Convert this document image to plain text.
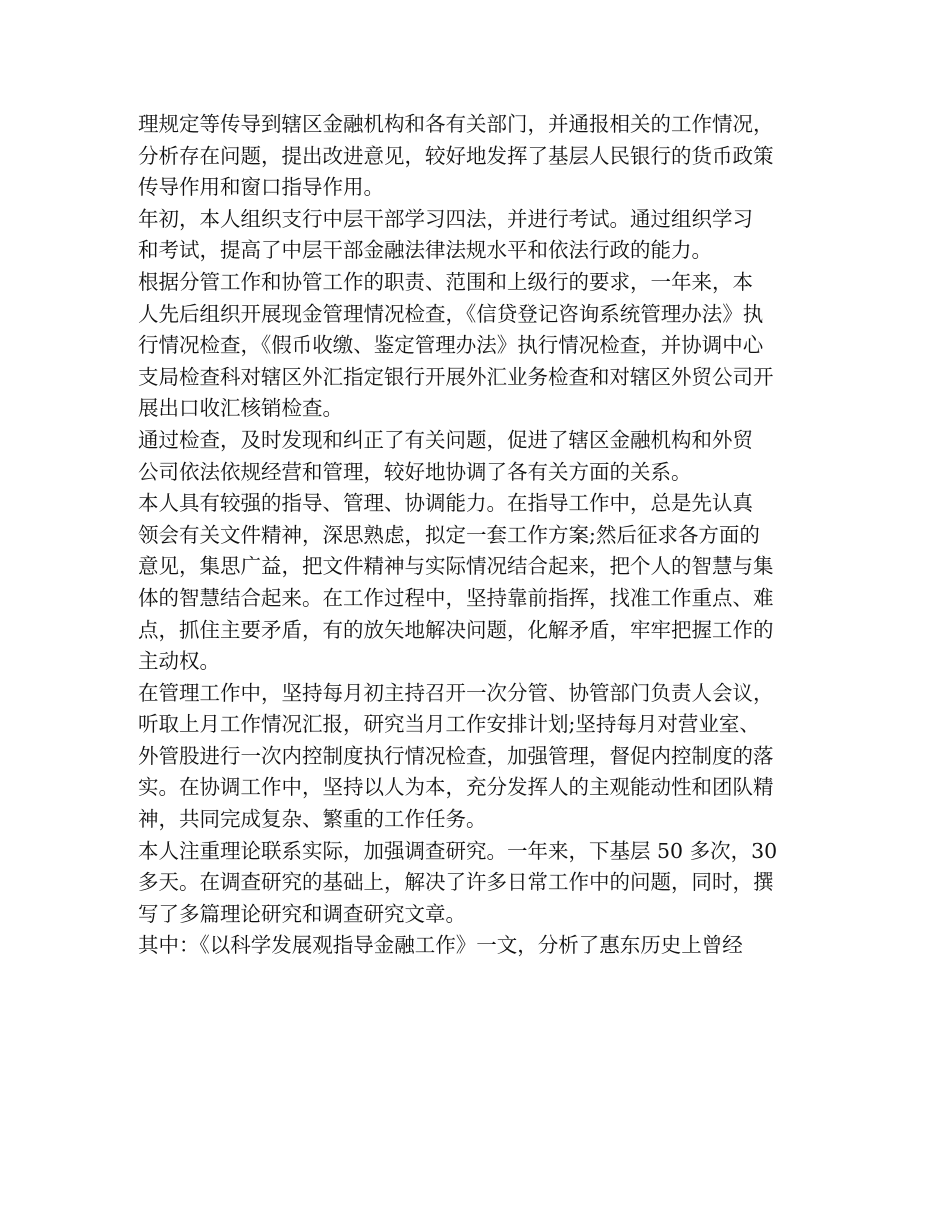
理规定等传导到辖区金融机构和各有关部门，并通报相关的工作情况，
分析存在问题，提出改进意见，较好地发挥了基层人民银行的货币政策
传导作用和窗口指导作用。
年初，本人组织支行中层干部学习四法，并进行考试。通过组织学习
和考试，提高了中层干部金融法律法规水平和依法行政的能力。
根据分管工作和协管工作的职责、范围和上级行的要求，一年来，本
人先后组织开展现金管理情况检查，《信贷登记咨询系统管理办法》执
行情况检查，《假币收缴、鉴定管理办法》执行情况检查，并协调中心
支局检查科对辖区外汇指定银行开展外汇业务检查和对辖区外贸公司开
展出口收汇核销检查。
通过检查，及时发现和纠正了有关问题，促进了辖区金融机构和外贸
公司依法依规经营和管理，较好地协调了各有关方面的关系。
本人具有较强的指导、管理、协调能力。在指导工作中，总是先认真
领会有关文件精神，深思熟虑，拟定一套工作方案;然后征求各方面的
意见，集思广益，把文件精神与实际情况结合起来，把个人的智慧与集
体的智慧结合起来。在工作过程中，坚持靠前指挥，找准工作重点、难
点，抓住主要矛盾，有的放矢地解决问题，化解矛盾，牢牢把握工作的
主动权。
在管理工作中，坚持每月初主持召开一次分管、协管部门负责人会议，
听取上月工作情况汇报，研究当月工作安排计划;坚持每月对营业室、
外管股进行一次内控制度执行情况检查，加强管理，督促内控制度的落
实。在协调工作中，坚持以人为本，充分发挥人的主观能动性和团队精
神，共同完成复杂、繁重的工作任务。
本人注重理论联系实际，加强调查研究。一年来，下基层 50 多次，30
多天。在调查研究的基础上，解决了许多日常工作中的问题，同时，撰
写了多篇理论研究和调查研究文章。
其中：《以科学发展观指导金融工作》一文，分析了惠东历史上曾经
